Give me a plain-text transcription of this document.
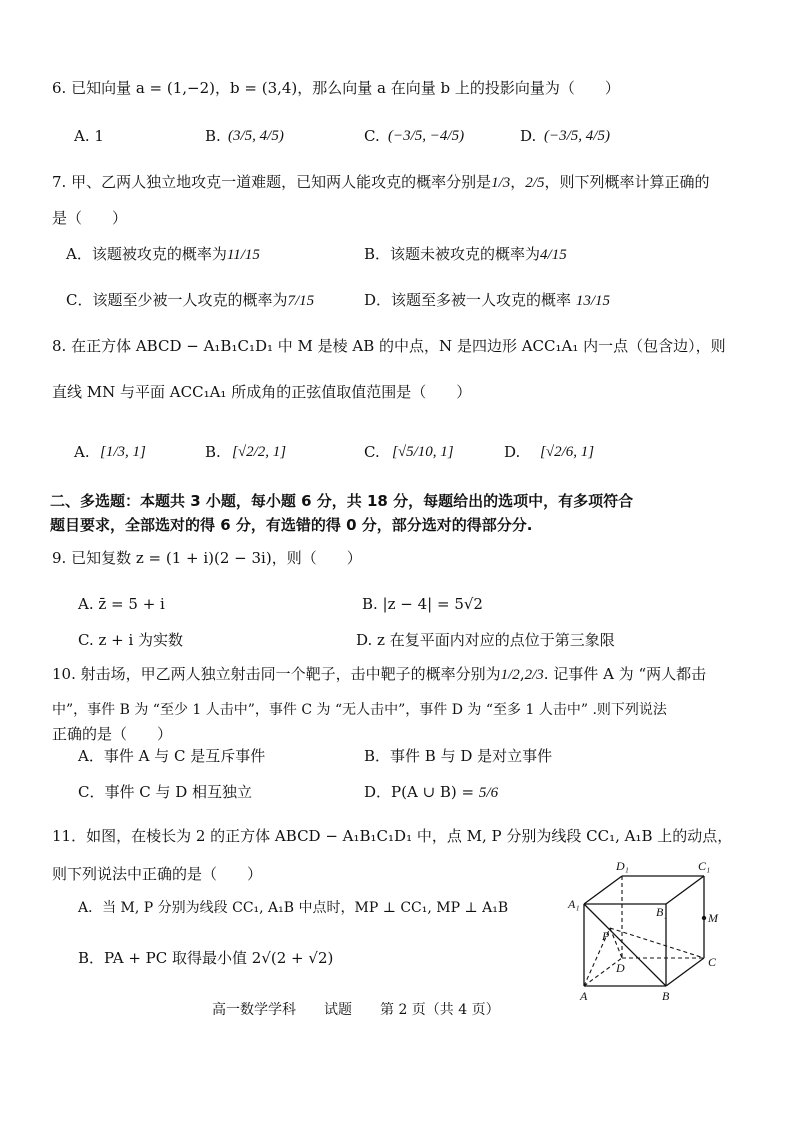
6. 已知向量 a = (1,−2)，b = (3,4)，那么向量 a 在向量 b 上的投影向量为（　　）
A. 1	B. (3/5, 4/5)	C. (−3/5, −4/5)	D. (−3/5, 4/5)
7. 甲、乙两人独立地攻克一道难题，已知两人能攻克的概率分别是1/3，2/5，则下列概率计算正确的
是（　　）
A．该题被攻克的概率为11/15	B．该题未被攻克的概率为4/15
C．该题至少被一人攻克的概率为7/15	D．该题至多被一人攻克的概率 13/15
8. 在正方体 ABCD − A₁B₁C₁D₁ 中 M 是棱 AB 的中点，N 是四边形 ACC₁A₁ 内一点（包含边），则
直线 MN 与平面 ACC₁A₁ 所成角的正弦值取值范围是（　　）
A. [1/3, 1]	B. [√2/2, 1]	C. [√5/10, 1]	D. [√2/6, 1]
二、多选题：本题共 3 小题，每小题 6 分，共 18 分，每题给出的选项中，有多项符合
题目要求，全部选对的得 6 分，有选错的得 0 分，部分选对的得部分分.
9. 已知复数 z = (1 + i)(2 − 3i)，则（　　）
A. z̄ = 5 + i	B. |z − 4| = 5√2
C. z + i 为实数	D. z 在复平面内对应的点位于第三象限
10. 射击场，甲乙两人独立射击同一个靶子，击中靶子的概率分别为1/2,2/3. 记事件 A 为 “两人都击
中”，事件 B 为 “至少 1 人击中”，事件 C 为 “无人击中”，事件 D 为 “至多 1 人击中” .则下列说法
正确的是（　　）
A．事件 A 与 C 是互斥事件	B．事件 B 与 D 是对立事件
C．事件 C 与 D 相互独立	D．P(A ∪ B) = 5/6
11．如图，在棱长为 2 的正方体 ABCD − A₁B₁C₁D₁ 中，点 M, P 分别为线段 CC₁, A₁B 上的动点，
则下列说法中正确的是（　　）
A．当 M, P 分别为线段 CC₁, A₁B 中点时，MP ⊥ CC₁, MP ⊥ A₁B
B．PA + PC 取得最小值 2√(2 + √2)
D₁	C₁
A₁
B₁	M
P
D	C
A	B
高一数学学科　　试题　　第 2 页（共 4 页）
